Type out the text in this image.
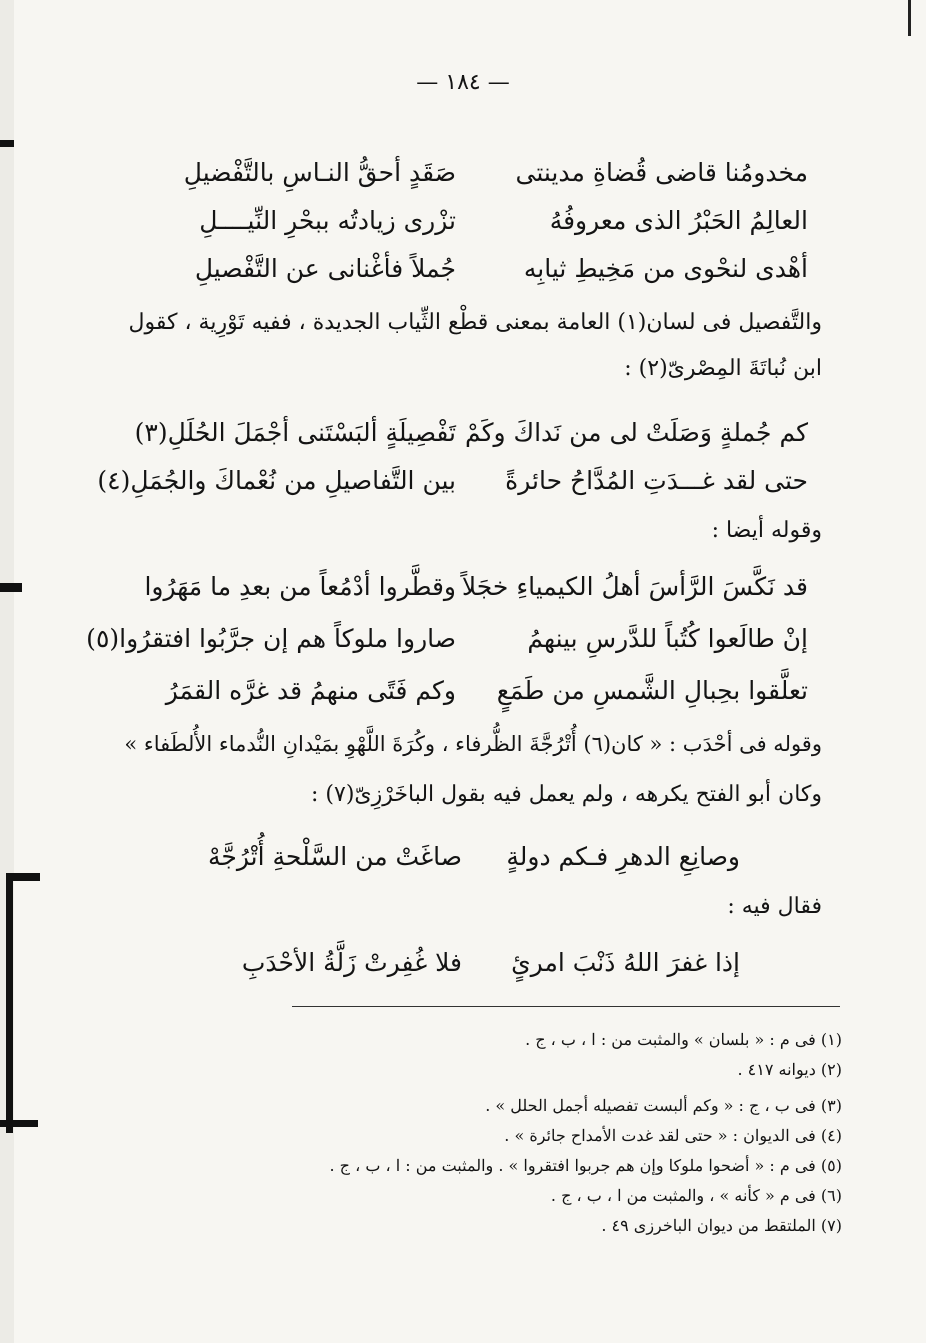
— ١٨٤ —
مخدومُنا قاضى قُضاةِ مدينتى
صَقَدٍ أحقُّ النـاسِ بالتَّفْضيلِ
العالِمُ الحَبْرُ الذى معروفُهُ
تزْرى زيادتُه ببحْرِ النِّيــــلِ
أهْدى لنحْوى من مَخِيطِ ثيابِه
جُملاً فأغْنانى عن التَّفْصيلِ
والتَّفصيل فى لسان(١) العامة بمعنى قطْع الثِّياب الجديدة ، ففيه تَوْرِية ، كقول
ابن نُباتَةَ المِصْرىّ(٢) :
كم جُملةٍ وَصَلَتْ لى من نَداكَ وكَمْ
تَفْصِيلَةٍ ألبَسْتَنى أجْمَلَ الحُلَلِ(٣)
حتى لقد غـــدَتِ المُدَّاحُ حائرةً
بين التَّفاصيلِ من نُعْماكَ والجُمَلِ(٤)
وقوله أيضا :
قد نَكَّسَ الرَّأسَ أهلُ الكيمياءِ خجَلاً
وقطَّروا أدْمُعاً من بعدِ ما مَهَرُوا
إنْ طالَعوا كُتُباً للدَّرسِ بينهمُ
صاروا ملوكاً هم إن جرَّبُوا افتقرُوا(٥)
تعلَّقوا بحِبالِ الشَّمسِ من طَمَعٍ
وكم فَتًى منهمُ قد غرَّه القمَرُ
وقوله فى أحْدَب : « كان(٦) أُتْرُجَّةَ الظُّرفاء ، وكُرَةَ اللَّهْوِ بمَيْدانِ النُّدماء الأُلطَفاء »
وكان أبو الفتح يكرهه ، ولم يعمل فيه بقول الباخَرْزِىّ(٧) :
وصانِعِ الدهرِ فـكم دولةٍ
صاغَتْ من السَّلْحةِ أُتْرُجَّهْ
فقال فيه :
إذا غفرَ اللهُ ذَنْبَ امرئٍ
فلا غُفِرتْ زَلَّةُ الأحْدَبِ
(١) فى م : « بلسان » والمثبت من : ا ، ب ، ج .
(٢) ديوانه ٤١٧ .
(٣) فى ب ، ج : « وكم ألبست تفصيله أجمل الحلل » .
(٤) فى الديوان : « حتى لقد غدت الأمداح جائرة » .
(٥) فى م : « أضحوا ملوكا وإن هم جربوا افتقروا » . والمثبت من : ا ، ب ، ج .
(٦) فى م « كأنه » ، والمثبت من ا ، ب ، ج .
(٧) الملتقط من ديوان الباخرزى ٤٩ .
